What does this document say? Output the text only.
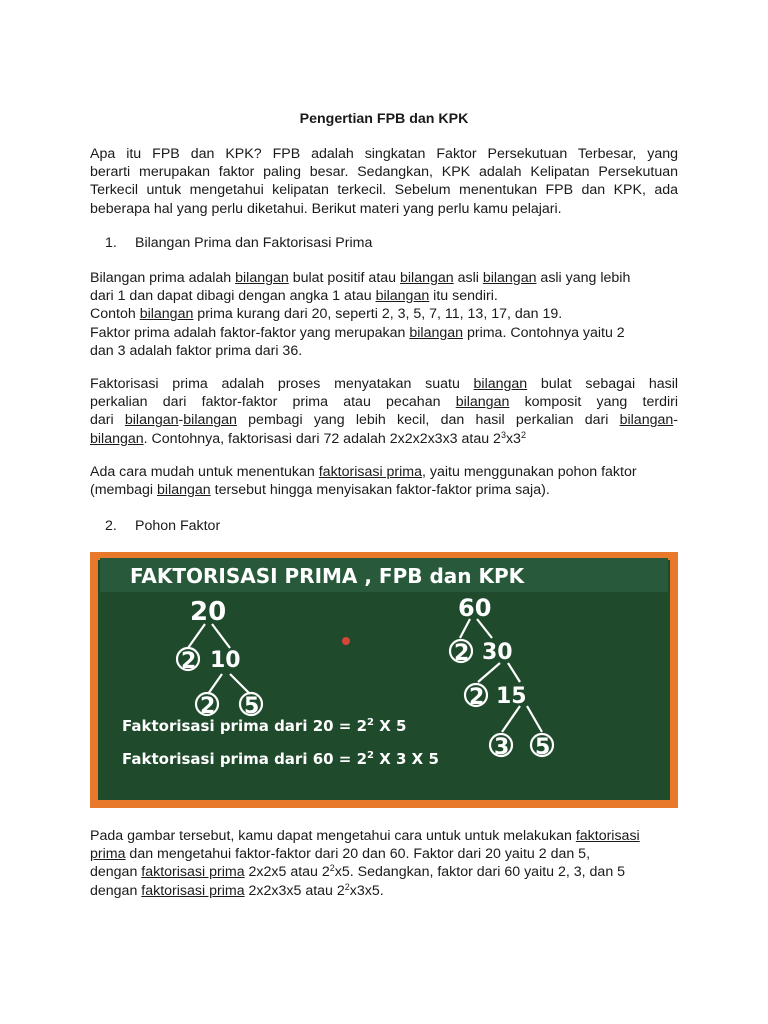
Pengertian FPB dan KPK
Apa itu FPB dan KPK? FPB adalah singkatan Faktor Persekutuan Terbesar, yang
berarti merupakan faktor paling besar. Sedangkan, KPK adalah Kelipatan Persekutuan
Terkecil untuk mengetahui kelipatan terkecil. Sebelum menentukan FPB dan KPK, ada
beberapa hal yang perlu diketahui. Berikut materi yang perlu kamu pelajari.
1. Bilangan Prima dan Faktorisasi Prima
Bilangan prima adalah bilangan bulat positif atau bilangan asli bilangan asli yang lebih
dari 1 dan dapat dibagi dengan angka 1 atau bilangan itu sendiri.
Contoh bilangan prima kurang dari 20, seperti 2, 3, 5, 7, 11, 13, 17, dan 19.
Faktor prima adalah faktor-faktor yang merupakan bilangan prima. Contohnya yaitu 2
dan 3 adalah faktor prima dari 36.
Faktorisasi prima adalah proses menyatakan suatu bilangan bulat sebagai hasil
perkalian dari faktor-faktor prima atau pecahan bilangan komposit yang terdiri
dari bilangan-bilangan pembagi yang lebih kecil, dan hasil perkalian dari bilangan-
bilangan. Contohnya, faktorisasi dari 72 adalah 2x2x2x3x3 atau $2^3x3^2$
Ada cara mudah untuk menentukan faktorisasi prima, yaitu menggunakan pohon faktor
(membagi bilangan tersebut hingga menyisakan faktor-faktor prima saja).
2. Pohon Faktor
Pada gambar tersebut, kamu dapat mengetahui cara untuk untuk melakukan faktorisasi
prima dan mengetahui faktor-faktor dari 20 dan 60. Faktor dari 20 yaitu 2 dan 5,
dengan faktorisasi prima 2x2x5 atau $2^2x5$. Sedangkan, faktor dari 60 yaitu 2, 3, dan 5
dengan faktorisasi prima 2x2x3x5 atau $2^2x3x5$.
FAKTORISASI PRIMA , FPB dan KPK
20
2 10
2 5
60
2 30
2 15
3 5
Faktorisasi prima dari $20 = 2^2$ X 5
Faktorisasi prima dari $60 = 2^2$ X 3 X 5
